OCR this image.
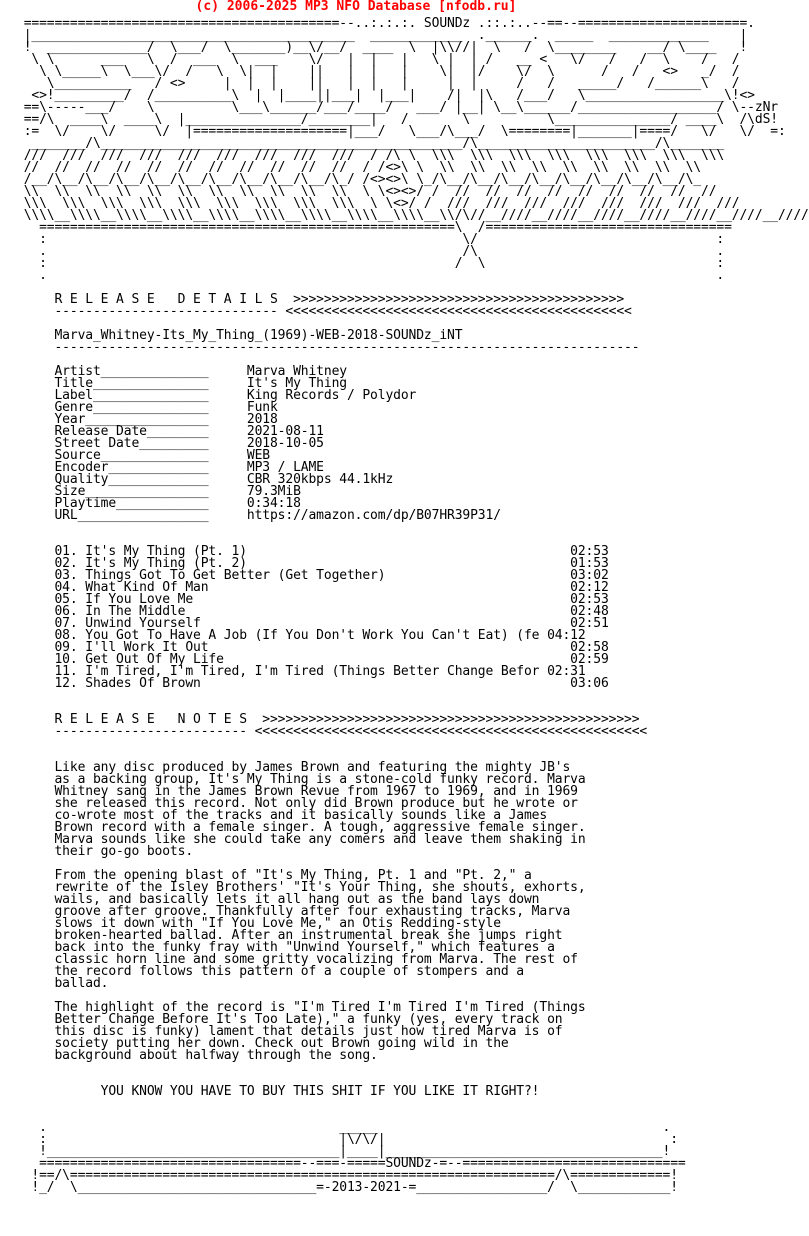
(c) 2006-2025 MP3 NFO Database [nfodb.ru]
=========================================--..:.:.:. SOUNDz .::.:..--==--======================.
|__________________________________________  ____________  .______.  _____  _____________    |
!  _____________/  \___/  \_______)__\/__/  ____  \  |\\//|  \   /  \________    __/ \____   !
\ \      ___   \  /  ___  \  ___    \/   |  |   |   \ |  | /   __ <   \/   /   /  \    /   /
\ \_____\  \___\/  /   \  \|  |    ||   |  |   |    \|  |/    \/  \      /   /   <>   _/  /
\__________   / <>     |  |  |    ||   |  |   |     |  |     /   /   _____/   /______\   /
<>!_________/  /__________\  |  |____||___|  |___|    /|  |\   /___/   \__________________\!<>
==\-----___/    \          \___\______/___/____/   ___/ |__| \__\______/__________________/ \--zNr
==/\  ____\  ____\  |_______________/________|   /       \          \_______________/ ____\  /\dS!
:=  \/    \/     \/  |====================|___/   \___/\___/  \========|_______|====/   \/   \/  =:
_______/\_______________________________________________/\_______________________/\_______
///  ///  ///  ///  ///  ///  ///  ///  ///  / /\ \  \\\  \\\  \\\  \\\  \\\  \\\  \\\  \\\
//  //  //  //  //  //  //  //  //  //  //  / /<>\ \  \\  \\  \\  \\  \\  \\  \\  \\  \\
/__/\__/\__/\__/\__/\__/\__/\__/\__/\__/\_/ /<><>\ \_/\__/\__/\__/\__/\__/\__/\__/\__/\_
\\  \\  \\  \\  \\  \\  \\  \\  \\  \\  \\  \ \<><>/ /  //  //  //  //  //  //  //  //  //
\\\  \\\  \\\  \\\  \\\  \\\  \\\  \\\  \\\  \ \<>/ /  ///  ///  ///  ///  ///  ///  ///  ///
\\\\__\\\\__\\\\__\\\\__\\\\__\\\\__\\\\__\\\\__\\\\__\\/\//__////__////__////__////__////__////__////
======================================================\  /================================
:                                                      \/                               :
.                                                      /\                               .
:                                                     /  \                              :
.                                                                                       .

R E L E A S E   D E T A I L S  >>>>>>>>>>>>>>>>>>>>>>>>>>>>>>>>>>>>>>>>>>>
----------------------------- <<<<<<<<<<<<<<<<<<<<<<<<<<<<<<<<<<<<<<<<<<<<<

Marva_Whitney-Its_My_Thing_(1969)-WEB-2018-SOUNDz_iNT
----------------------------------------------------------------------------

Artist______________     Marva Whitney
Title_______________     It's My Thing
Label_______________     King Records / Polydor
Genre_______________     Funk
Year________________     2018
Release Date________     2021-08-11
Street Date_________     2018-10-05
Source______________     WEB
Encoder_____________     MP3 / LAME
Quality_____________     CBR 320kbps 44.1kHz
Size________________     79.3MiB
Playtime____________     0:34:18
URL_________________     https://amazon.com/dp/B07HR39P31/

01. It's My Thing (Pt. 1)                                          02:53
02. It's My Thing (Pt. 2)                                          01:53
03. Things Got To Get Better (Get Together)                        03:02
04. What Kind Of Man                                               02:12
05. If You Love Me                                                 02:53
06. In The Middle                                                  02:48
07. Unwind Yourself                                                02:51
08. You Got To Have A Job (If You Don't Work You Can't Eat) (fe 04:12
09. I'll Work It Out                                               02:58
10. Get Out Of My Life                                             02:59
11. I'm Tired, I'm Tired, I'm Tired (Things Better Change Befor 02:31
12. Shades Of Brown                                                03:06

R E L E A S E   N O T E S  >>>>>>>>>>>>>>>>>>>>>>>>>>>>>>>>>>>>>>>>>>>>>>>>>
------------------------- <<<<<<<<<<<<<<<<<<<<<<<<<<<<<<<<<<<<<<<<<<<<<<<<<<<

Like any disc produced by James Brown and featuring the mighty JB's
as a backing group, It's My Thing is a stone-cold funky record. Marva
Whitney sang in the James Brown Revue from 1967 to 1969, and in 1969
she released this record. Not only did Brown produce but he wrote or
co-wrote most of the tracks and it basically sounds like a James
Brown record with a female singer. A tough, aggressive female singer.
Marva sounds like she could take any comers and leave them shaking in
their go-go boots.

From the opening blast of "It's My Thing, Pt. 1 and "Pt. 2," a
rewrite of the Isley Brothers' "It's Your Thing, she shouts, exhorts,
wails, and basically lets it all hang out as the band lays down
groove after groove. Thankfully after four exhausting tracks, Marva
slows it down with "If You Love Me," an Otis Redding-style
broken-hearted ballad. After an instrumental break she jumps right
back into the funky fray with "Unwind Yourself," which features a
classic horn line and some gritty vocalizing from Marva. The rest of
the record follows this pattern of a couple of stompers and a
ballad.

The highlight of the record is "I'm Tired I'm Tired I'm Tired (Things
Better Change Before It's Too Late)," a funky (yes, every track on
this disc is funky) lament that details just how tired Marva is of
society putting her down. Check out Brown going wild in the
background about halfway through the song.

YOU KNOW YOU HAVE TO BUY THIS SHIT IF YOU LIKE IT RIGHT?!

.                                      _____                                     .
:                                      |\/\/|                                     :
!______________________________________|____|____________________________________!
==================================--===-=====SOUNDz-=--=============================
!==/\===============================================================/\=============!
!_/  \_______________________________=-2013-2021-=_________________/  \____________!
